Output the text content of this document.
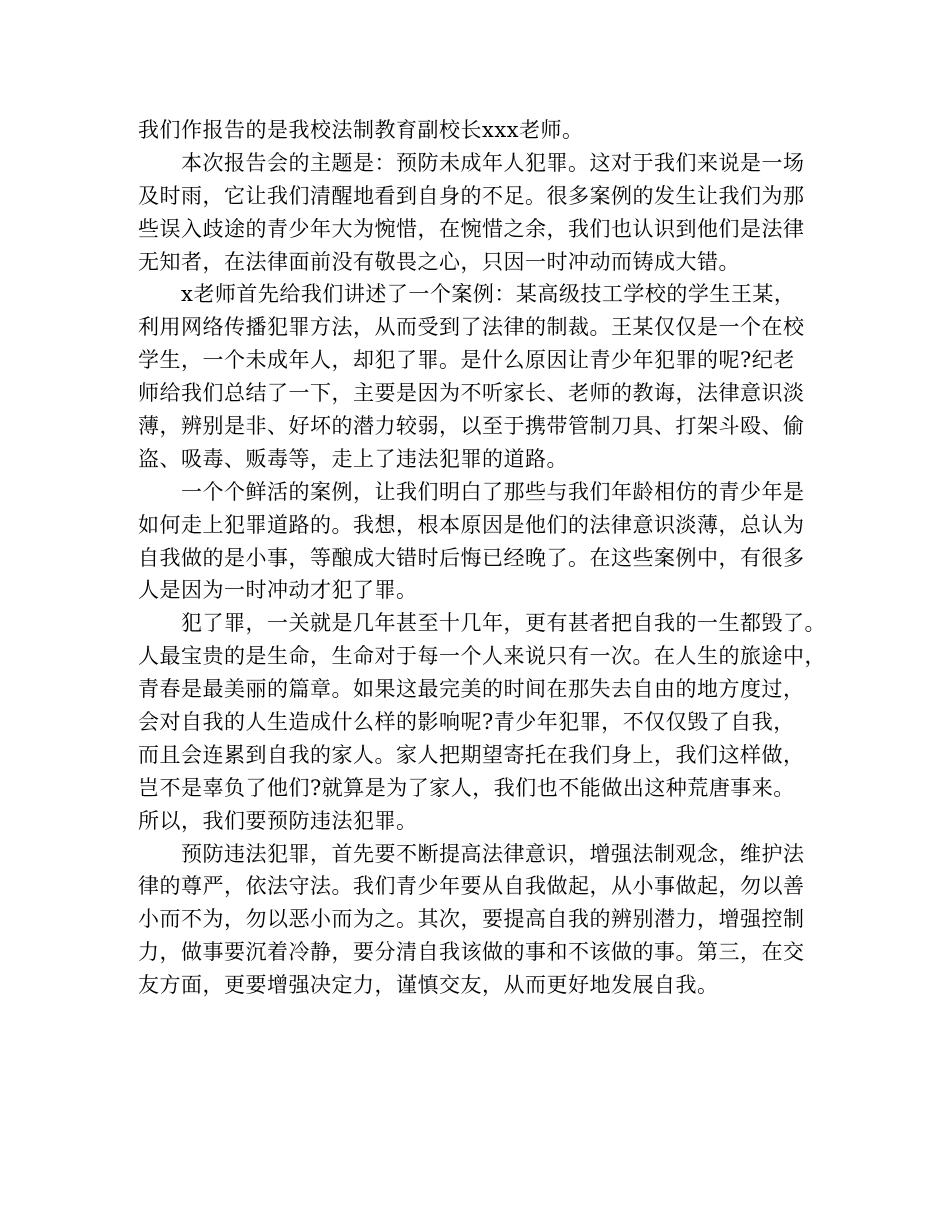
我们作报告的是我校法制教育副校长xxx老师。
本次报告会的主题是：预防未成年人犯罪。这对于我们来说是一场
及时雨，它让我们清醒地看到自身的不足。很多案例的发生让我们为那
些误入歧途的青少年大为惋惜，在惋惜之余，我们也认识到他们是法律
无知者，在法律面前没有敬畏之心，只因一时冲动而铸成大错。
x老师首先给我们讲述了一个案例：某高级技工学校的学生王某，
利用网络传播犯罪方法，从而受到了法律的制裁。王某仅仅是一个在校
学生，一个未成年人，却犯了罪。是什么原因让青少年犯罪的呢?纪老
师给我们总结了一下，主要是因为不听家长、老师的教诲，法律意识淡
薄，辨别是非、好坏的潜力较弱，以至于携带管制刀具、打架斗殴、偷
盗、吸毒、贩毒等，走上了违法犯罪的道路。
一个个鲜活的案例，让我们明白了那些与我们年龄相仿的青少年是
如何走上犯罪道路的。我想，根本原因是他们的法律意识淡薄，总认为
自我做的是小事，等酿成大错时后悔已经晚了。在这些案例中，有很多
人是因为一时冲动才犯了罪。
犯了罪，一关就是几年甚至十几年，更有甚者把自我的一生都毁了。
人最宝贵的是生命，生命对于每一个人来说只有一次。在人生的旅途中，
青春是最美丽的篇章。如果这最完美的时间在那失去自由的地方度过，
会对自我的人生造成什么样的影响呢?青少年犯罪，不仅仅毁了自我，
而且会连累到自我的家人。家人把期望寄托在我们身上，我们这样做，
岂不是辜负了他们?就算是为了家人，我们也不能做出这种荒唐事来。
所以，我们要预防违法犯罪。
预防违法犯罪，首先要不断提高法律意识，增强法制观念，维护法
律的尊严，依法守法。我们青少年要从自我做起，从小事做起，勿以善
小而不为，勿以恶小而为之。其次，要提高自我的辨别潜力，增强控制
力，做事要沉着冷静，要分清自我该做的事和不该做的事。第三，在交
友方面，更要增强决定力，谨慎交友，从而更好地发展自我。
